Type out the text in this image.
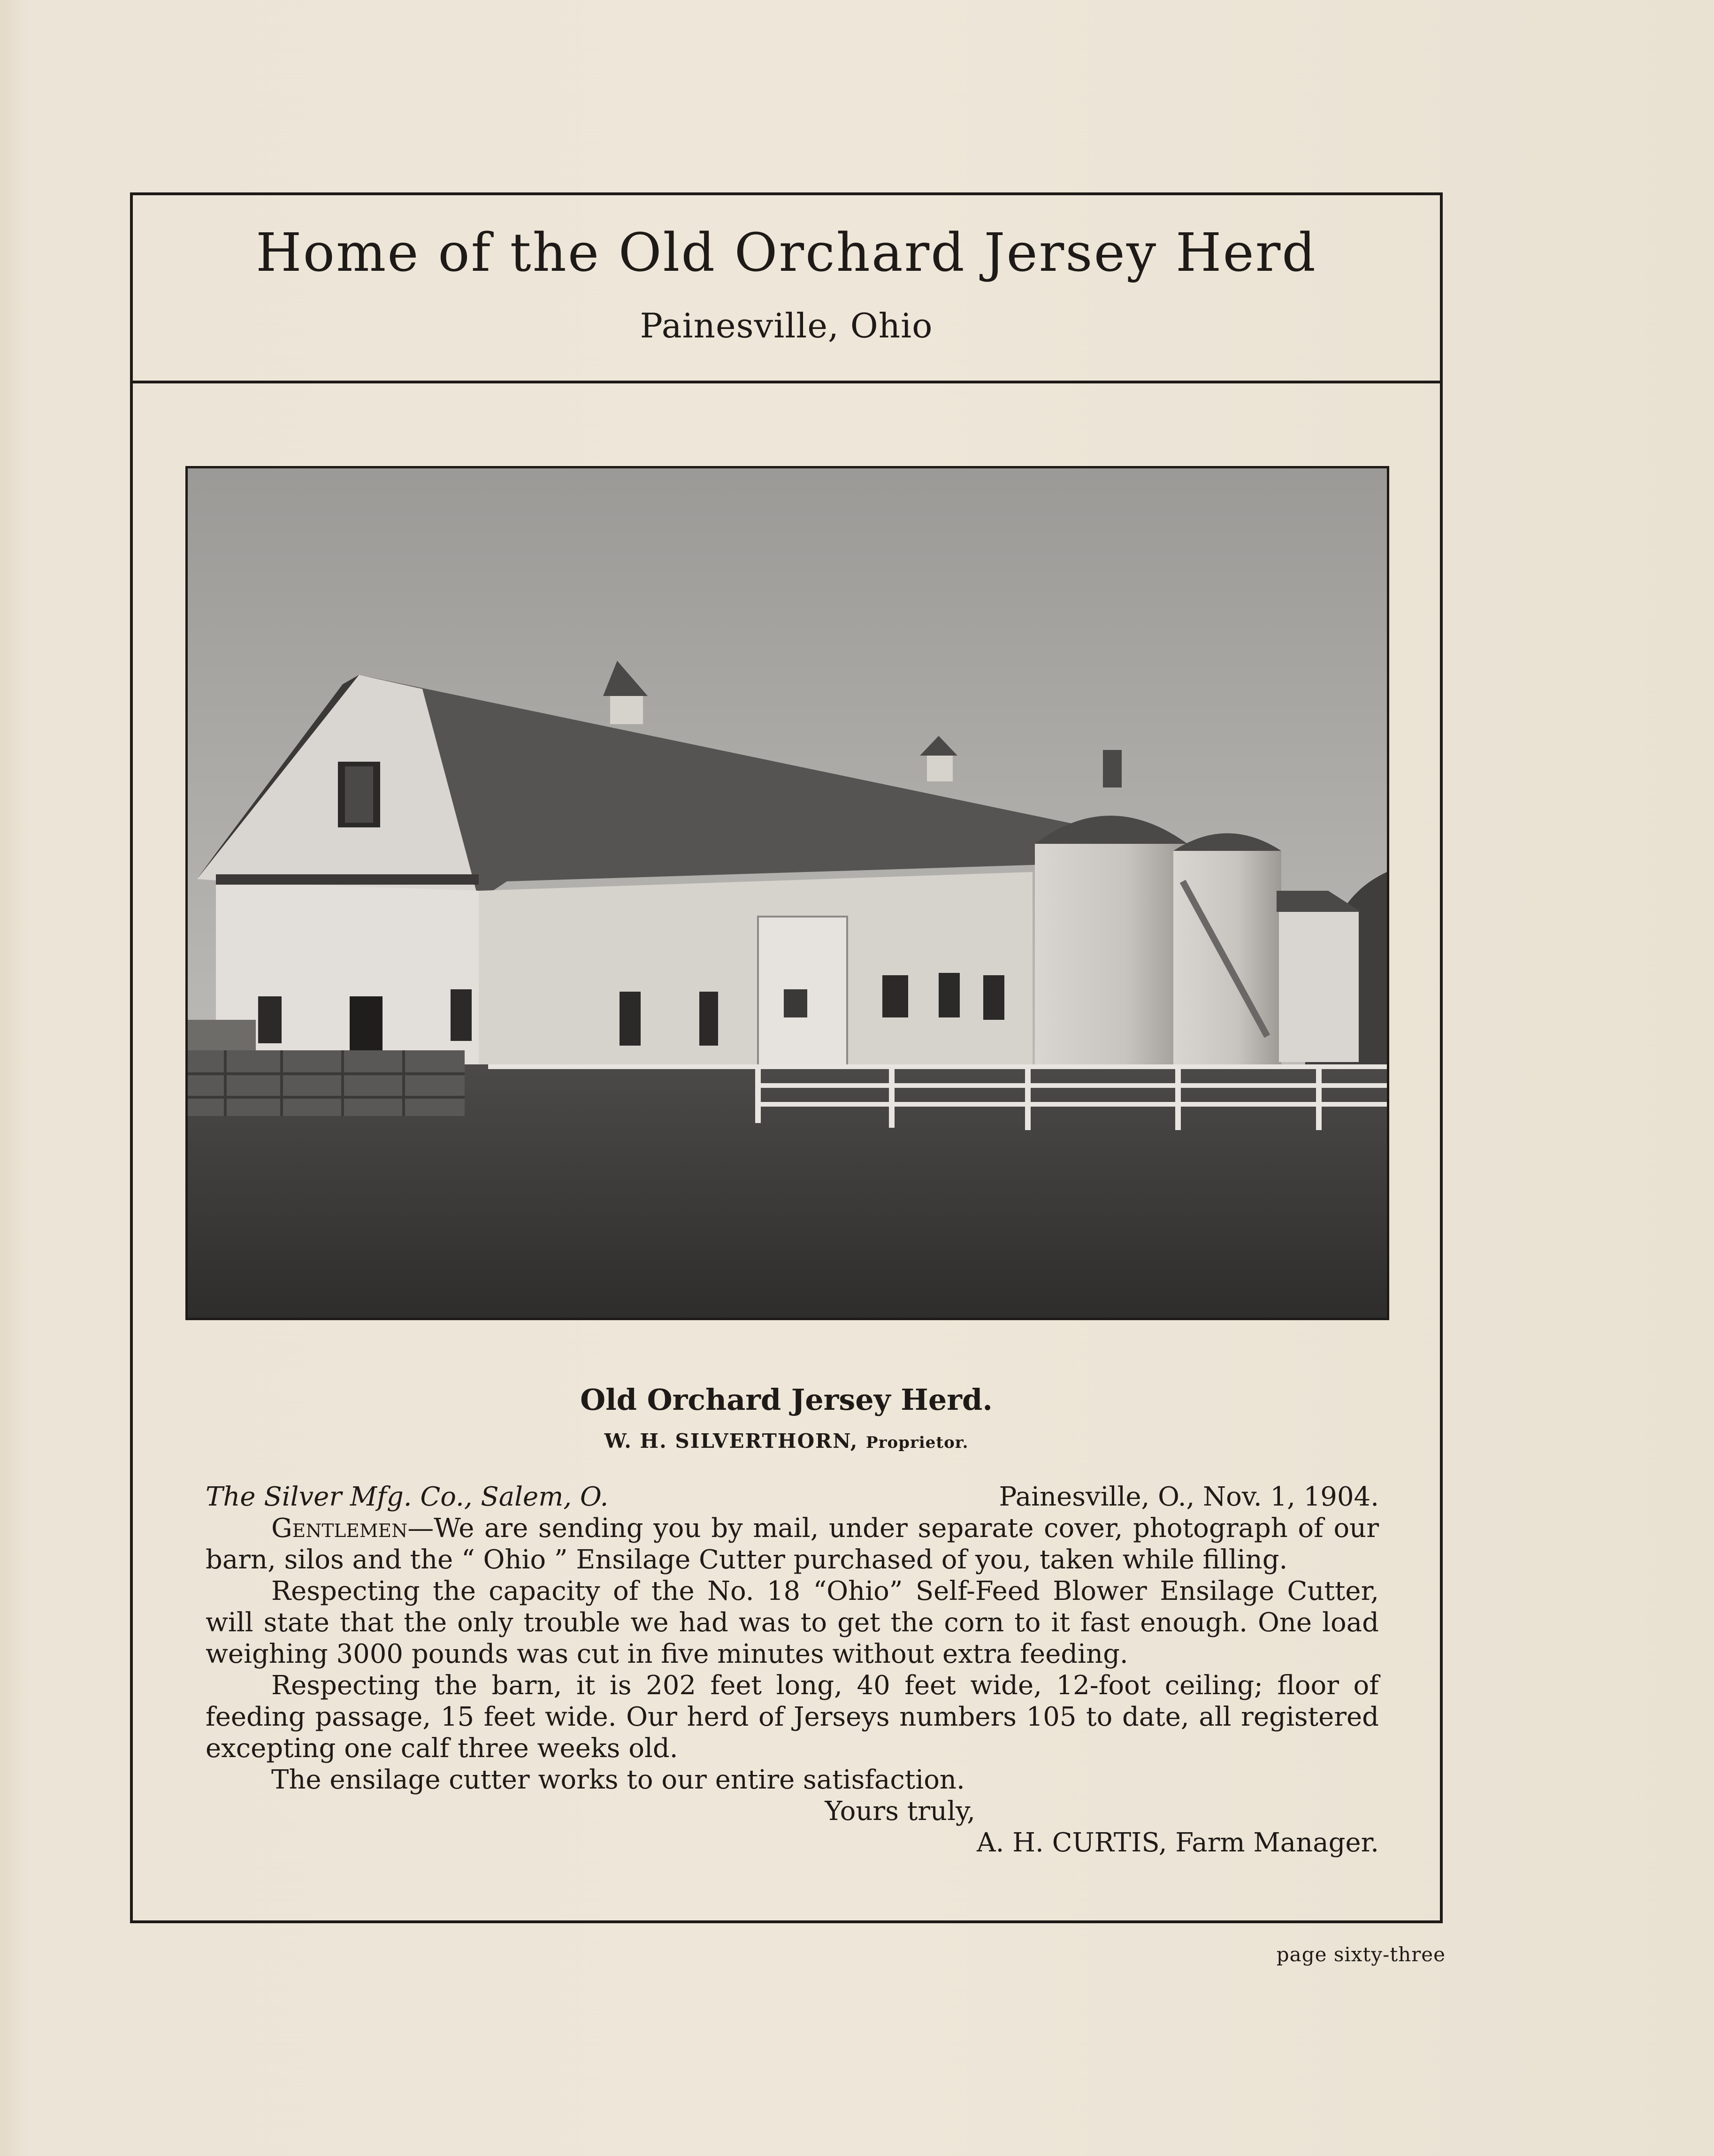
Home of the Old Orchard Jersey Herd
Painesville, Ohio
Old Orchard Jersey Herd.
W. H. SILVERTHORN, Proprietor.
The Silver Mfg. Co., Salem, O.	Painesville, O., Nov. 1, 1904.

Gentlemen—We are sending you by mail, under separate cover, photograph of our barn, silos and the “ Ohio ” Ensilage Cutter purchased of you, taken while filling.

Respecting the capacity of the No. 18 “Ohio” Self-Feed Blower Ensilage Cutter, will state that the only trouble we had was to get the corn to it fast enough. One load weighing 3000 pounds was cut in five minutes without extra feeding.

Respecting the barn, it is 202 feet long, 40 feet wide, 12-foot ceiling; floor of feeding passage, 15 feet wide. Our herd of Jerseys numbers 105 to date, all registered excepting one calf three weeks old.

The ensilage cutter works to our entire satisfaction.

Yours truly,
A. H. CURTIS, Farm Manager.
page sixty-three
